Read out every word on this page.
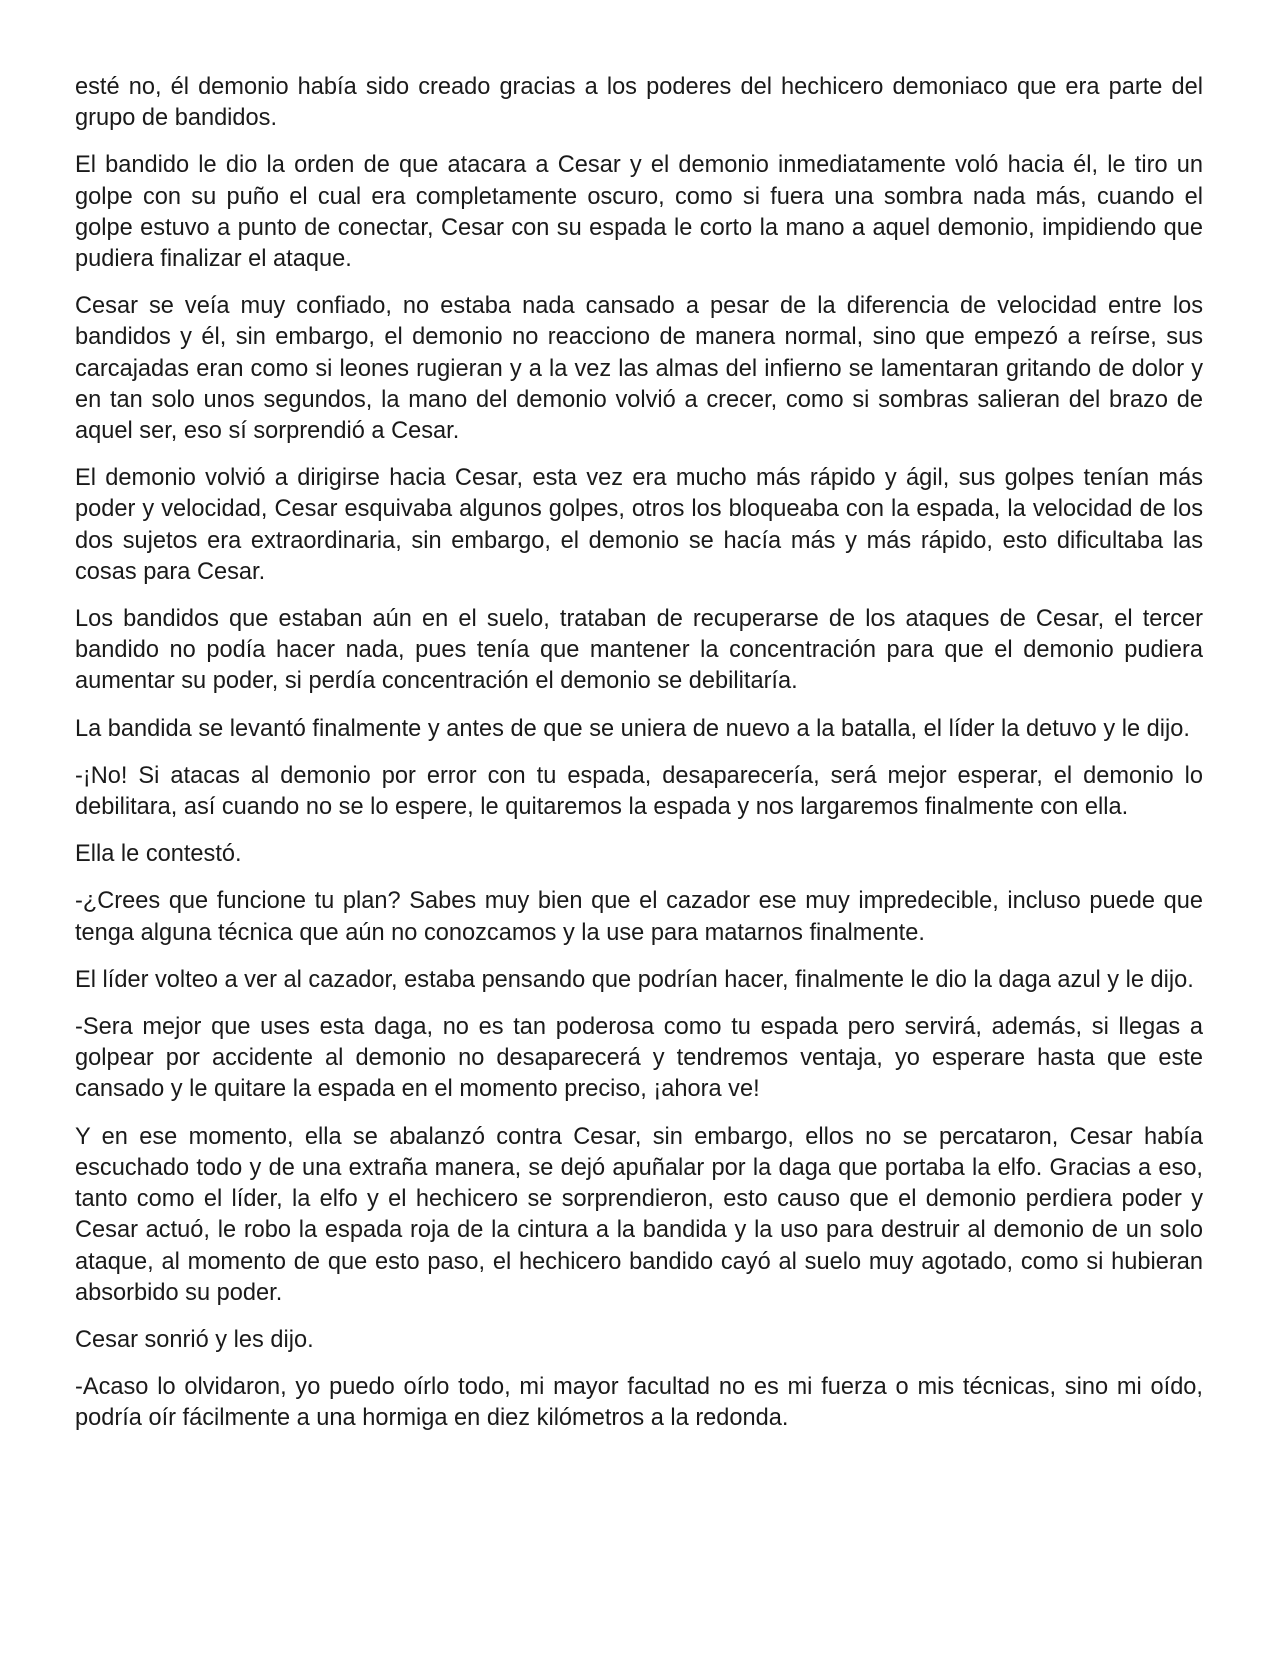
esté no, él demonio había sido creado gracias a los poderes del hechicero demoniaco que era parte del grupo de bandidos.

El bandido le dio la orden de que atacara a Cesar y el demonio inmediatamente voló hacia él, le tiro un golpe con su puño el cual era completamente oscuro, como si fuera una sombra nada más, cuando el golpe estuvo a punto de conectar, Cesar con su espada le corto la mano a aquel demonio, impidiendo que pudiera finalizar el ataque.

Cesar se veía muy confiado, no estaba nada cansado a pesar de la diferencia de velocidad entre los bandidos y él, sin embargo, el demonio no reacciono de manera normal, sino que empezó a reírse, sus carcajadas eran como si leones rugieran y a la vez las almas del infierno se lamentaran gritando de dolor y en tan solo unos segundos, la mano del demonio volvió a crecer, como si sombras salieran del brazo de aquel ser, eso sí sorprendió a Cesar.

El demonio volvió a dirigirse hacia Cesar, esta vez era mucho más rápido y ágil, sus golpes tenían más poder y velocidad, Cesar esquivaba algunos golpes, otros los bloqueaba con la espada, la velocidad de los dos sujetos era extraordinaria, sin embargo, el demonio se hacía más y más rápido, esto dificultaba las cosas para Cesar.

Los bandidos que estaban aún en el suelo, trataban de recuperarse de los ataques de Cesar, el tercer bandido no podía hacer nada, pues tenía que mantener la concentración para que el demonio pudiera aumentar su poder, si perdía concentración el demonio se debilitaría.

La bandida se levantó finalmente y antes de que se uniera de nuevo a la batalla, el líder la detuvo y le dijo.

-¡No! Si atacas al demonio por error con tu espada, desaparecería, será mejor esperar, el demonio lo debilitara, así cuando no se lo espere, le quitaremos la espada y nos largaremos finalmente con ella.

Ella le contestó.

-¿Crees que funcione tu plan? Sabes muy bien que el cazador ese muy impredecible, incluso puede que tenga alguna técnica que aún no conozcamos y la use para matarnos finalmente.

El líder volteo a ver al cazador, estaba pensando que podrían hacer, finalmente le dio la daga azul y le dijo.

-Sera mejor que uses esta daga, no es tan poderosa como tu espada pero servirá, además, si llegas a golpear por accidente al demonio no desaparecerá y tendremos ventaja, yo esperare hasta que este cansado y le quitare la espada en el momento preciso, ¡ahora ve!

Y en ese momento, ella se abalanzó contra Cesar, sin embargo, ellos no se percataron, Cesar había escuchado todo y de una extraña manera, se dejó apuñalar por la daga que portaba la elfo. Gracias a eso, tanto como el líder, la elfo y el hechicero se sorprendieron, esto causo que el demonio perdiera poder y Cesar actuó, le robo la espada roja de la cintura a la bandida y la uso para destruir al demonio de un solo ataque, al momento de que esto paso, el hechicero bandido cayó al suelo muy agotado, como si hubieran absorbido su poder.

Cesar sonrió y les dijo.

-Acaso lo olvidaron, yo puedo oírlo todo, mi mayor facultad no es mi fuerza o mis técnicas, sino mi oído, podría oír fácilmente a una hormiga en diez kilómetros a la redonda.
